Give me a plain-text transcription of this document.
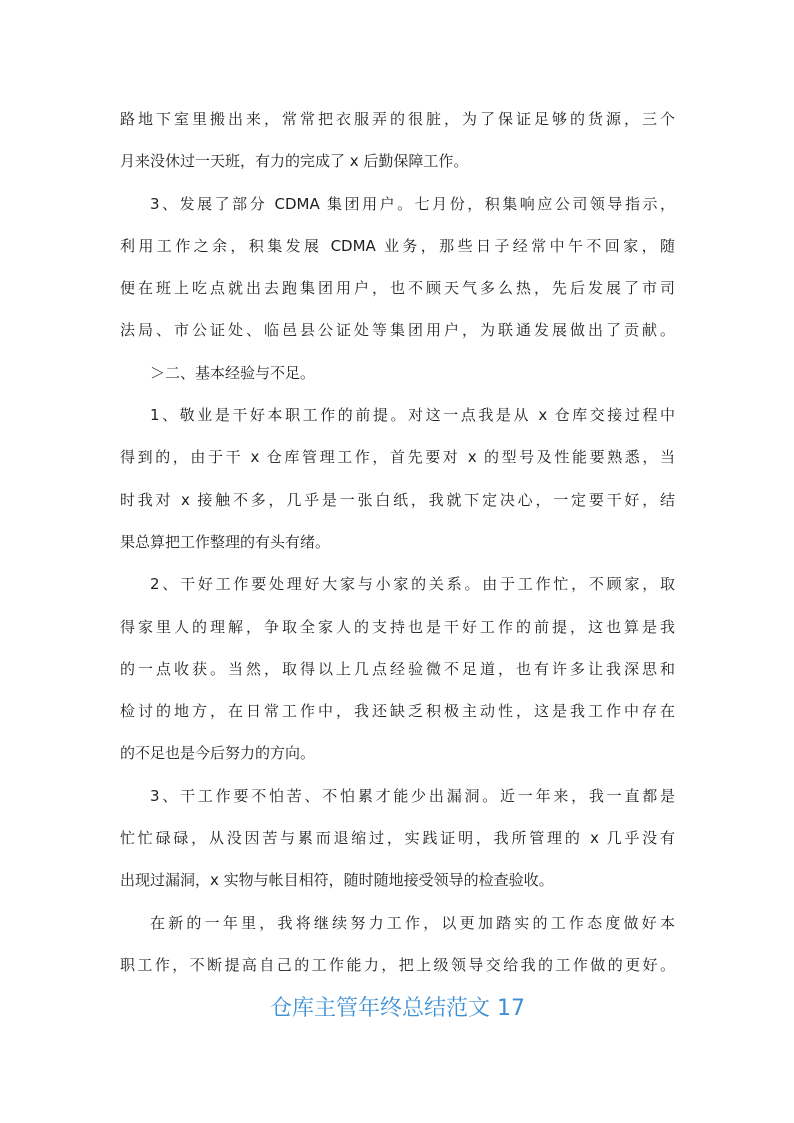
路地下室里搬出来，常常把衣服弄的很脏，为了保证足够的货源，三个
月来没休过一天班，有力的完成了 x 后勤保障工作。
3、发展了部分 CDMA 集团用户。七月份，积集响应公司领导指示，
利用工作之余，积集发展 CDMA 业务，那些日子经常中午不回家，随
便在班上吃点就出去跑集团用户，也不顾天气多么热，先后发展了市司
法局、市公证处、临邑县公证处等集团用户，为联通发展做出了贡献。
＞二、基本经验与不足。
1、敬业是干好本职工作的前提。对这一点我是从 x 仓库交接过程中
得到的，由于干 x 仓库管理工作，首先要对 x 的型号及性能要熟悉，当
时我对 x 接触不多，几乎是一张白纸，我就下定决心，一定要干好，结
果总算把工作整理的有头有绪。
2、干好工作要处理好大家与小家的关系。由于工作忙，不顾家，取
得家里人的理解，争取全家人的支持也是干好工作的前提，这也算是我
的一点收获。当然，取得以上几点经验微不足道，也有许多让我深思和
检讨的地方，在日常工作中，我还缺乏积极主动性，这是我工作中存在
的不足也是今后努力的方向。
3、干工作要不怕苦、不怕累才能少出漏洞。近一年来，我一直都是
忙忙碌碌，从没因苦与累而退缩过，实践证明，我所管理的 x 几乎没有
出现过漏洞，x 实物与帐目相符，随时随地接受领导的检查验收。
在新的一年里，我将继续努力工作，以更加踏实的工作态度做好本
职工作，不断提高自己的工作能力，把上级领导交给我的工作做的更好。
仓库主管年终总结范文 17
